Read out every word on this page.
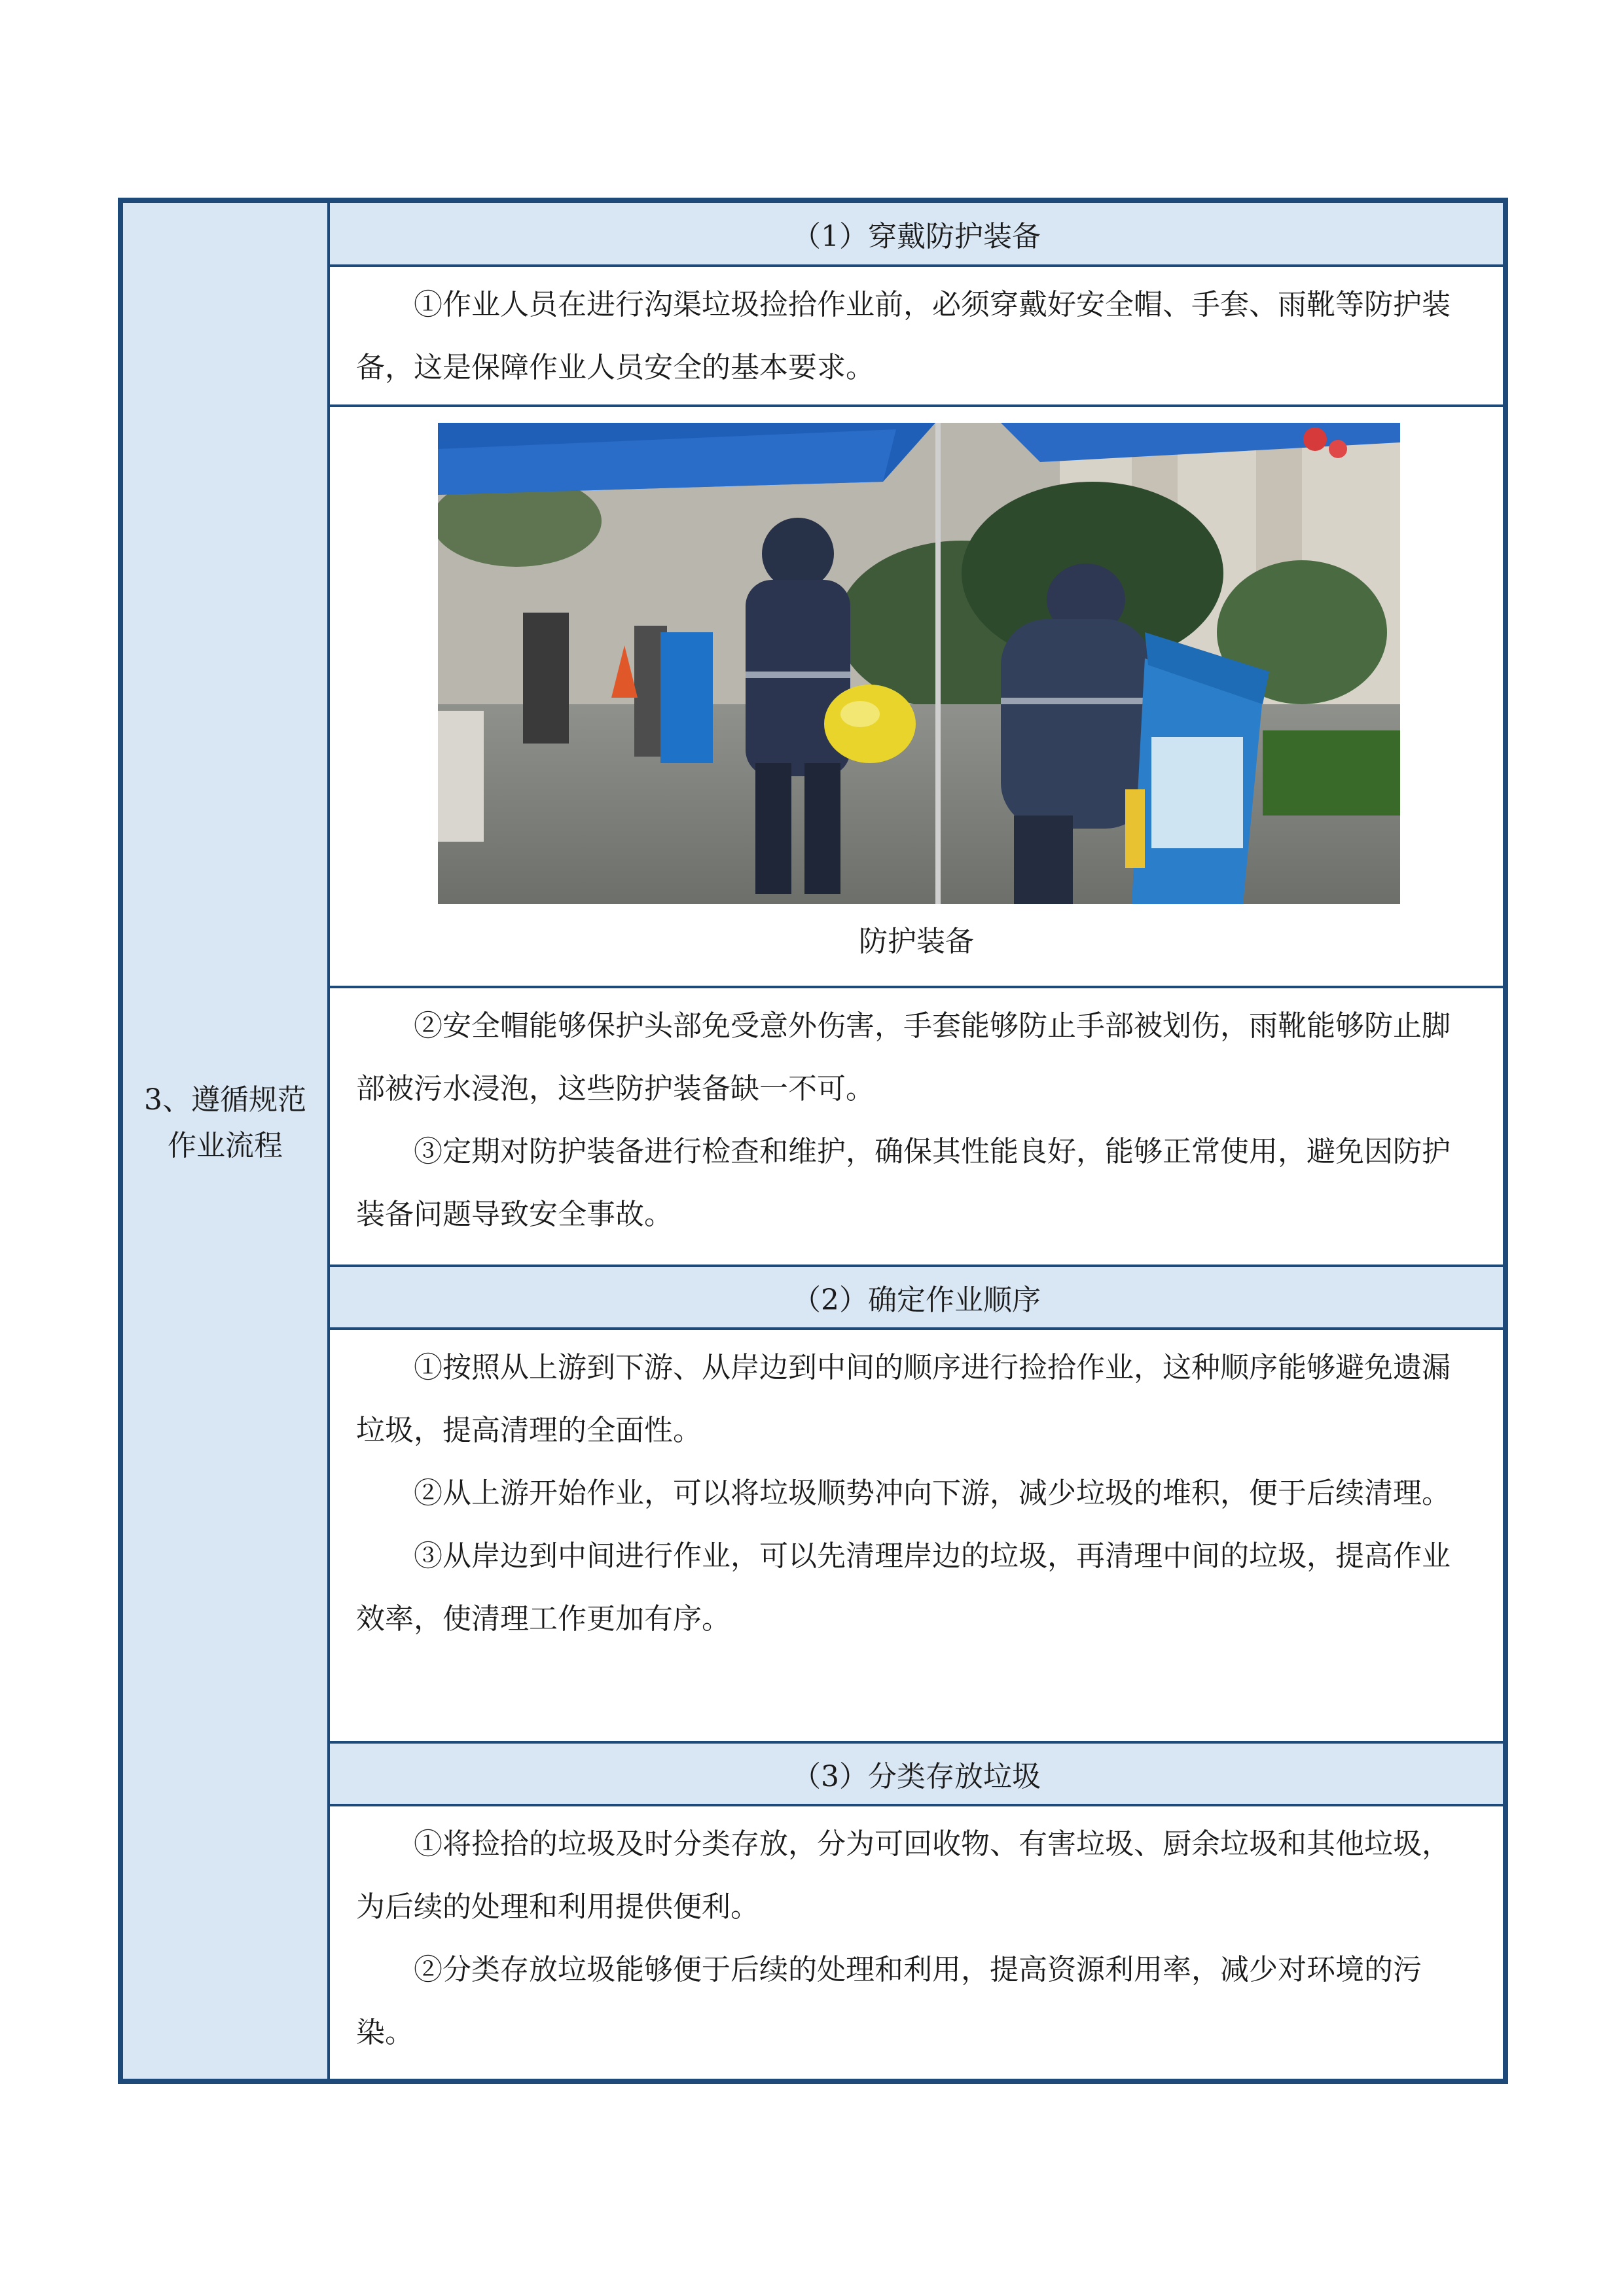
3、遵循规范作业流程
（1）穿戴防护装备

①作业人员在进行沟渠垃圾捡拾作业前，必须穿戴好安全帽、手套、雨靴等防护装备，这是保障作业人员安全的基本要求。

防护装备

②安全帽能够保护头部免受意外伤害，手套能够防止手部被划伤，雨靴能够防止脚部被污水浸泡，这些防护装备缺一不可。

③定期对防护装备进行检查和维护，确保其性能良好，能够正常使用，避免因防护装备问题导致安全事故。

（2）确定作业顺序

①按照从上游到下游、从岸边到中间的顺序进行捡拾作业，这种顺序能够避免遗漏垃圾，提高清理的全面性。

②从上游开始作业，可以将垃圾顺势冲向下游，减少垃圾的堆积，便于后续清理。

③从岸边到中间进行作业，可以先清理岸边的垃圾，再清理中间的垃圾，提高作业效率，使清理工作更加有序。

（3）分类存放垃圾

①将捡拾的垃圾及时分类存放，分为可回收物、有害垃圾、厨余垃圾和其他垃圾，为后续的处理和利用提供便利。

②分类存放垃圾能够便于后续的处理和利用，提高资源利用率，减少对环境的污染。
